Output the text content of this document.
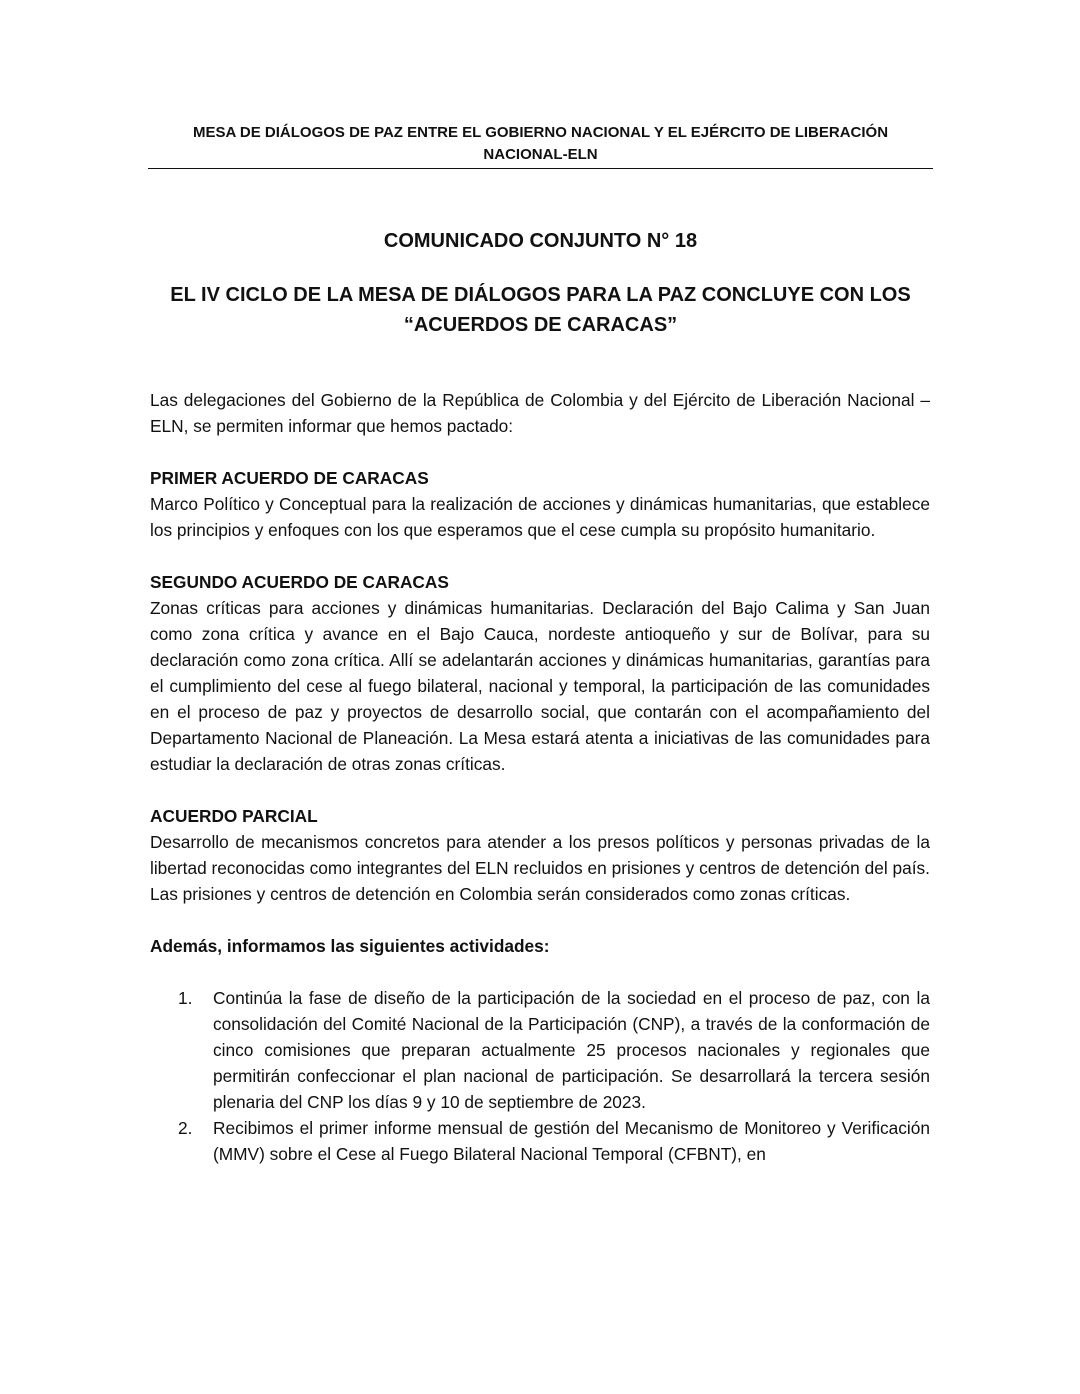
MESA DE DIÁLOGOS DE PAZ ENTRE EL GOBIERNO NACIONAL Y EL EJÉRCITO DE LIBERACIÓN
NACIONAL-ELN
COMUNICADO CONJUNTO N° 18
EL IV CICLO DE LA MESA DE DIÁLOGOS PARA LA PAZ CONCLUYE CON LOS
“ACUERDOS DE CARACAS”

Las delegaciones del Gobierno de la República de Colombia y del Ejército de Liberación Nacional – ELN, se permiten informar que hemos pactado:

PRIMER ACUERDO DE CARACAS

Marco Político y Conceptual para la realización de acciones y dinámicas humanitarias, que establece los principios y enfoques con los que esperamos que el cese cumpla su propósito humanitario.

SEGUNDO ACUERDO DE CARACAS

Zonas críticas para acciones y dinámicas humanitarias. Declaración del Bajo Calima y San Juan como zona crítica y avance en el Bajo Cauca, nordeste antioqueño y sur de Bolívar, para su declaración como zona crítica. Allí se adelantarán acciones y dinámicas humanitarias, garantías para el cumplimiento del cese al fuego bilateral, nacional y temporal, la participación de las comunidades en el proceso de paz y proyectos de desarrollo social, que contarán con el acompañamiento del Departamento Nacional de Planeación. La Mesa estará atenta a iniciativas de las comunidades para estudiar la declaración de otras zonas críticas.

ACUERDO PARCIAL

Desarrollo de mecanismos concretos para atender a los presos políticos y personas privadas de la libertad reconocidas como integrantes del ELN recluidos en prisiones y centros de detención del país. Las prisiones y centros de detención en Colombia serán considerados como zonas críticas.

Además, informamos las siguientes actividades:

1. Continúa la fase de diseño de la participación de la sociedad en el proceso de paz, con la consolidación del Comité Nacional de la Participación (CNP), a través de la conformación de cinco comisiones que preparan actualmente 25 procesos nacionales y regionales que permitirán confeccionar el plan nacional de participación. Se desarrollará la tercera sesión plenaria del CNP los días 9 y 10 de septiembre de 2023.
2. Recibimos el primer informe mensual de gestión del Mecanismo de Monitoreo y Verificación (MMV) sobre el Cese al Fuego Bilateral Nacional Temporal (CFBNT), en
